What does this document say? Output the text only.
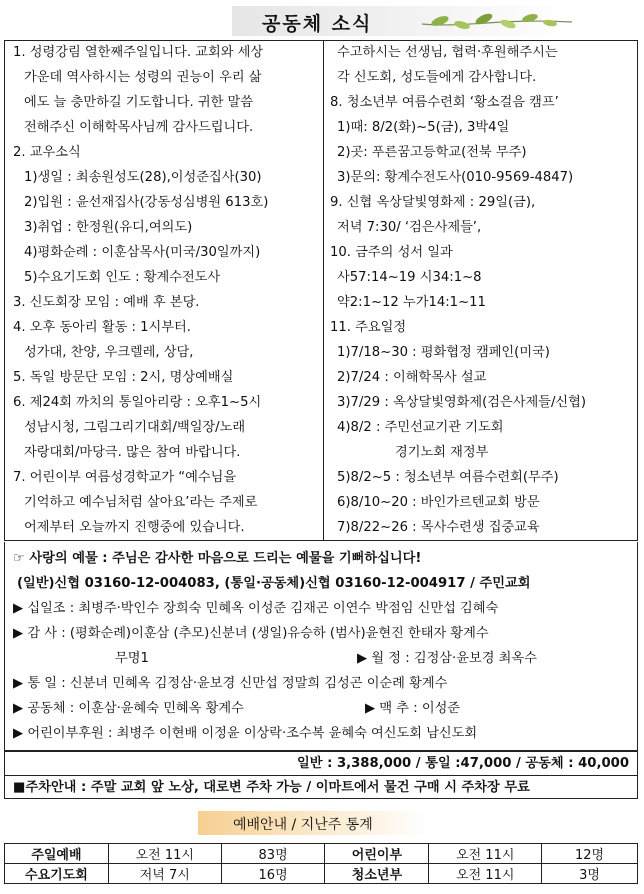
공동체 소식
1. 성령강림 열한째주일입니다. 교회와 세상
가운데 역사하시는 성령의 권능이 우리 삶
에도 늘 충만하길 기도합니다. 귀한 말씀
전해주신 이해학목사님께 감사드립니다.
2. 교우소식
1)생일 : 최송원성도(28),이성준집사(30)
2)입원 : 윤선재집사(강동성심병원 613호)
3)취업 : 한정원(유디,여의도)
4)평화순례 : 이훈삼목사(미국/30일까지)
5)수요기도회 인도 : 황계수전도사
3. 신도회장 모임 : 예배 후 본당.
4. 오후 동아리 활동 : 1시부터.
성가대, 찬양, 우크렐레, 상담,
5. 독일 방문단 모임 : 2시, 명상예배실
6. 제24회 까치의 통일아리랑 : 오후1~5시
성남시청, 그림그리기대회/백일장/노래
자랑대회/마당극. 많은 참여 바랍니다.
7. 어린이부 여름성경학교가 “예수님을
기억하고 예수님처럼 살아요’라는 주제로
어제부터 오늘까지 진행중에 있습니다.
수고하시는 선생님, 협력·후원해주시는
각 신도회, 성도들에게 감사합니다.
8. 청소년부 여름수련회 ‘황소걸음 캠프’
1)때: 8/2(화)~5(금), 3박4일
2)곳: 푸른꿈고등학교(전북 무주)
3)문의: 황계수전도사(010-9569-4847)
9. 신협 옥상달빛영화제 : 29일(금),
저녁 7:30/ ‘검은사제들’,
10. 금주의 성서 일과
사57:14~19 시34:1~8
약2:1~12 누가14:1~11
11. 주요일정
1)7/18~30 : 평화협정 캠페인(미국)
2)7/24 : 이해학목사 설교
3)7/29 : 옥상달빛영화제(검은사제들/신협)
4)8/2 : 주민선교기관 기도회
경기노회 재정부
5)8/2~5 : 청소년부 여름수련회(무주)
6)8/10~20 : 바인가르텐교회 방문
7)8/22~26 : 목사수련생 집중교육
☞ 사랑의 예물 : 주님은 감사한 마음으로 드리는 예물을 기뻐하십니다!
(일반)신협 03160-12-004083, (통일·공동체)신협 03160-12-004917 / 주민교회
▶ 십일조 : 최병주·박인수 장희숙 민혜옥 이성준 김재곤 이연수 박점임 신만섭 김혜숙
▶ 감 사 : (평화순례)이훈삼 (추모)신분녀 (생일)유승하 (범사)윤현진 한태자 황계수
무명1	▶ 월 정 : 김정삼·윤보경 최옥수
▶ 통 일 : 신분녀 민혜옥 김정삼·윤보경 신만섭 정말희 김성곤 이순례 황계수
▶ 공동체 : 이훈삼·윤혜숙 민혜옥 황계수	▶ 맥 추 : 이성준
▶ 어린이부후원 : 최병주 이현배 이정윤 이상락·조수복 윤혜숙 여신도회 남신도회
일반 : 3,388,000 / 통일 :47,000 / 공동체 : 40,000
■주차안내 : 주말 교회 앞 노상, 대로변 주차 가능 / 이마트에서 물건 구매 시 주차장 무료
예배안내 / 지난주 통계
주일예배	오전 11시	83명	어린이부	오전 11시	12명
수요기도회	저녁 7시	16명	청소년부	오전 11시	3명
